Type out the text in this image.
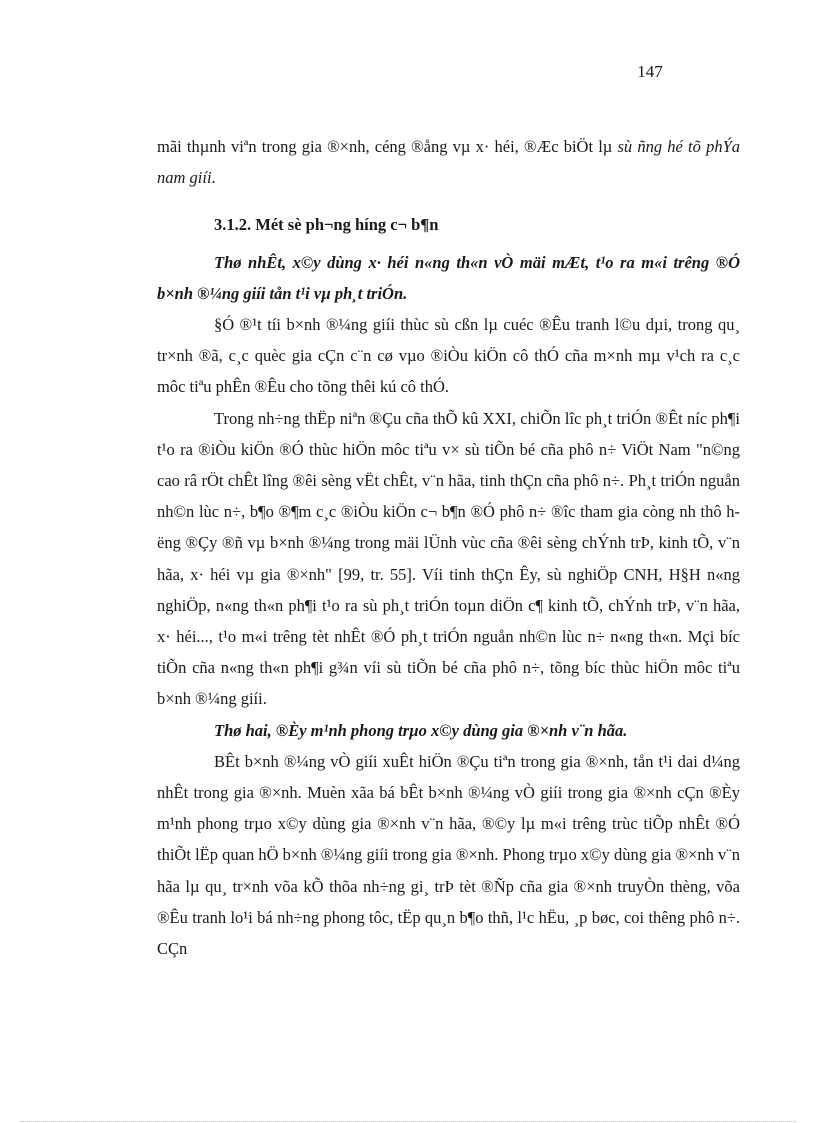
147

mãi thµnh viªn trong gia ®×nh, céng ®ång vµ x· héi, ®Æc biÖt lµ sù ñng hé tõ phÝa nam giíi.

3.1.2. Mét sè ph¬ng híng c¬ b¶n

Thø nhÊt, x©y dùng x· héi n«ng th«n vÒ mäi mÆt, t¹o ra m«i trêng ®Ó b×nh ®¼ng giíi tån t¹i vµ ph¸t triÓn.

§Ó ®¹t tíi b×nh ®¼ng giíi thùc sù cßn lµ cuéc ®Êu tranh l©u dµi, trong qu¸ tr×nh ®ã, c¸c quèc gia cÇn c¨n cø vµo ®iÒu kiÖn cô thÓ cña m×nh mµ v¹ch ra c¸c môc tiªu phÊn ®Êu cho tõng thêi kú cô thÓ.

Trong nh÷ng thËp niªn ®Çu cña thÕ kû XXI, chiÕn lîc ph¸t triÓn ®Êt níc ph¶i t¹o ra ®iÒu kiÖn ®Ó thùc hiÖn môc tiªu v× sù tiÕn bé cña phô n÷ ViÖt Nam "n©ng cao râ rÖt chÊt lîng ®êi sèng vËt chÊt, v¨n hãa, tinh thÇn cña phô n÷. Ph¸t triÓn nguån nh©n lùc n÷, b¶o ®¶m c¸c ®iÒu kiÖn c¬ b¶n ®Ó phô n÷ ®îc tham gia còng nh thô hëng ®Çy ®ñ vµ b×nh ®¼ng trong mäi lÜnh vùc cña ®êi sèng chÝnh trÞ, kinh tÕ, v¨n hãa, x· héi vµ gia ®×nh" [99, tr. 55]. Víi tinh thÇn Êy, sù nghiÖp CNH, H§H n«ng nghiÖp, n«ng th«n ph¶i t¹o ra sù ph¸t triÓn toµn diÖn c¶ kinh tÕ, chÝnh trÞ, v¨n hãa, x· héi..., t¹o m«i trêng tèt nhÊt ®Ó ph¸t triÓn nguån nh©n lùc n÷ n«ng th«n. Mçi bíc tiÕn cña n«ng th«n ph¶i g¾n víi sù tiÕn bé cña phô n÷, tõng bíc thùc hiÖn môc tiªu b×nh ®¼ng giíi.

Thø hai, ®Èy m¹nh phong trµo x©y dùng gia ®×nh v¨n hãa.

BÊt b×nh ®¼ng vÒ giíi xuÊt hiÖn ®Çu tiªn trong gia ®×nh, tån t¹i dai d¼ng nhÊt trong gia ®×nh. Muèn xãa bá bÊt b×nh ®¼ng vÒ giíi trong gia ®×nh cÇn ®Èy m¹nh phong trµo x©y dùng gia ®×nh v¨n hãa, ®©y lµ m«i trêng trùc tiÕp nhÊt ®Ó thiÕt lËp quan hÖ b×nh ®¼ng giíi trong gia ®×nh. Phong trµo x©y dùng gia ®×nh v¨n hãa lµ qu¸ tr×nh võa kÕ thõa nh÷ng gi¸ trÞ tèt ®Ñp cña gia ®×nh truyÒn thèng, võa ®Êu tranh lo¹i bá nh÷ng phong tôc, tËp qu¸n b¶o thñ, l¹c hËu, ¸p bøc, coi thêng phô n÷. CÇn
